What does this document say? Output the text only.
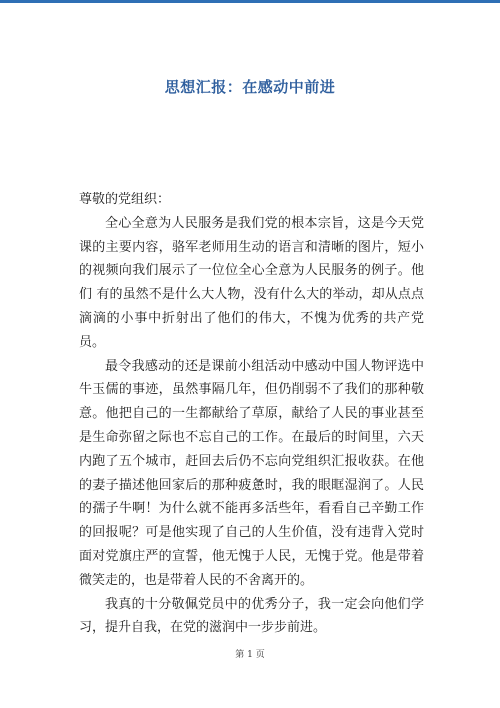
思想汇报：在感动中前进

尊敬的党组织：

全心全意为人民服务是我们党的根本宗旨，这是今天党课的主要内容，骆军老师用生动的语言和清晰的图片，短小的视频向我们展示了一位位全心全意为人民服务的例子。他们 有的虽然不是什么大人物，没有什么大的举动，却从点点滴滴的小事中折射出了他们的伟大，不愧为优秀的共产党员。

最令我感动的还是课前小组活动中感动中国人物评选中牛玉儒的事迹，虽然事隔几年，但仍削弱不了我们的那种敬意。他把自己的一生都献给了草原，献给了人民的事业甚至是生命弥留之际也不忘自己的工作。在最后的时间里，六天内跑了五个城市，赶回去后仍不忘向党组织汇报收获。在他的妻子描述他回家后的那种疲惫时，我的眼眶湿润了。人民的孺子牛啊！为什么就不能再多活些年，看看自己辛勤工作的回报呢？可是他实现了自己的人生价值，没有违背入党时面对党旗庄严的宣誓，他无愧于人民，无愧于党。他是带着微笑走的，也是带着人民的不舍离开的。

我真的十分敬佩党员中的优秀分子，我一定会向他们学习，提升自我，在党的滋润中一步步前进。

第 1 页
